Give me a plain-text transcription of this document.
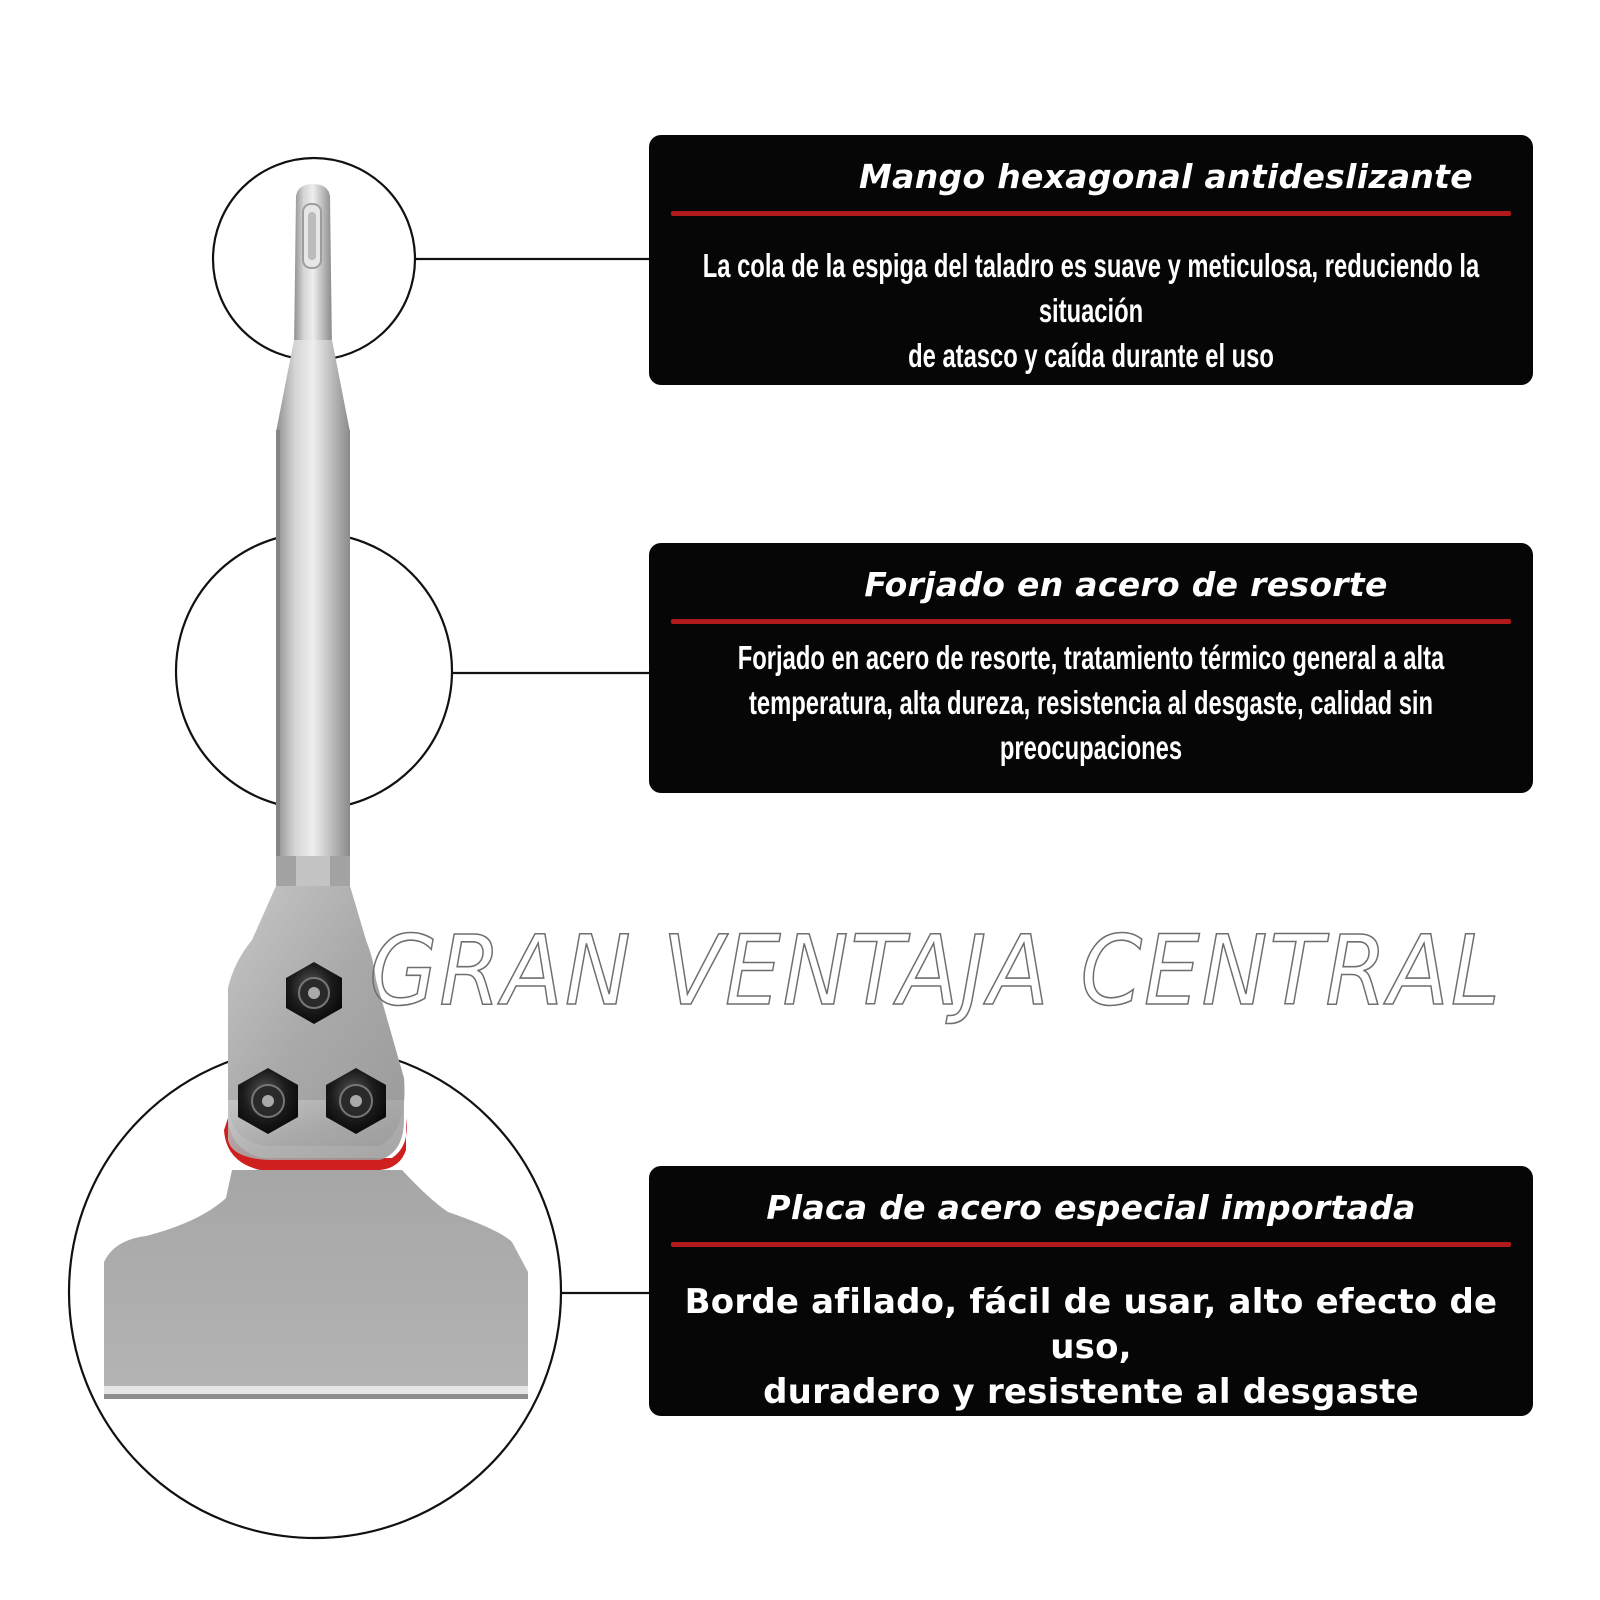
GRAN VENTAJA CENTRAL
Mango hexagonal antideslizante
La cola de la espiga del taladro es suave y meticulosa, reduciendo la situación
de atasco y caída durante el uso
Forjado en acero de resorte
Forjado en acero de resorte, tratamiento térmico general a alta
temperatura, alta dureza, resistencia al desgaste, calidad sin
preocupaciones
Placa de acero especial importada
Borde afilado, fácil de usar, alto efecto de uso,
duradero y resistente al desgaste
